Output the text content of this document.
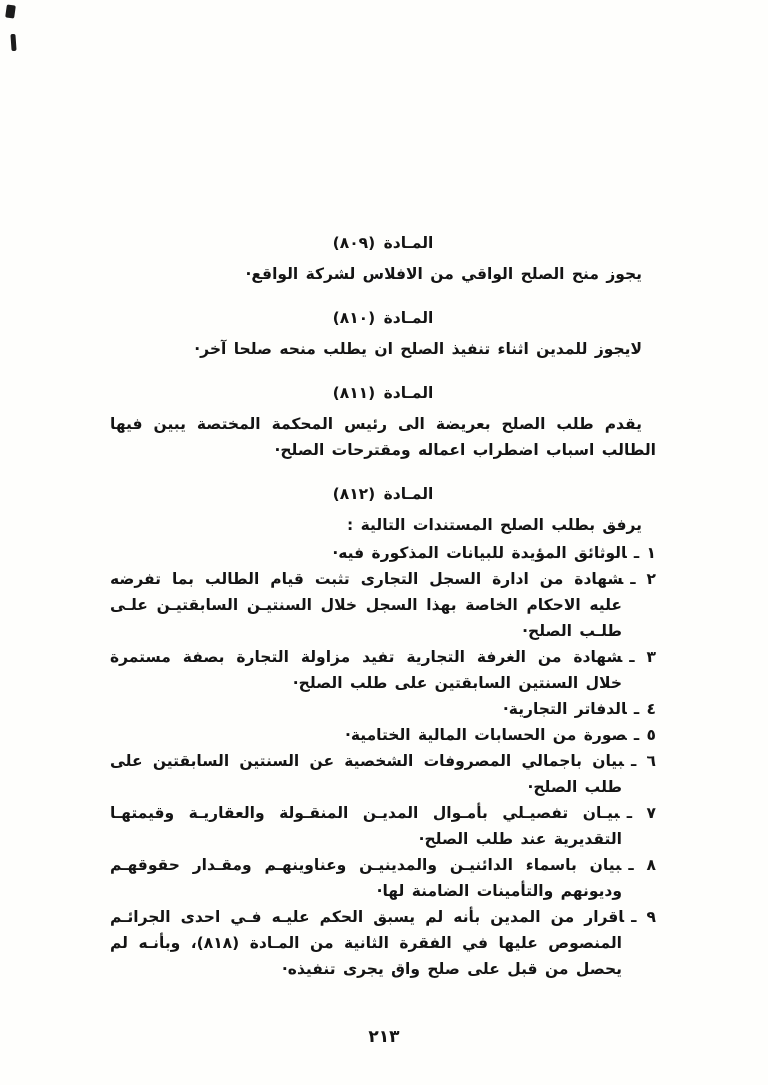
المـادة (٨٠٩)

يجوز منح الصلح الواقي من الافلاس لشركة الواقع·

المـادة (٨١٠)

لايجوز للمدين اثناء تنفيذ الصلح ان يطلب منحه صلحا آخر·

المـادة (٨١١)

يقدم طلب الصلح بعريضة الى رئيس المحكمة المختصة يبين فيها الطالب اسباب اضطراب اعماله ومقترحات الصلح·

المـادة (٨١٢)

يرفق بطلب الصلح المستندات التالية :

١ ـالوثائق المؤيدة للبيانات المذكورة فيه·
٢ ـشهادة من ادارة السجل التجارى تثبت قيام الطالب بما تفرضه عليه الاحكام الخاصة بهذا السجل خلال السنتيـن السابقتيـن علـى طلـب الصلح·
٣ ـشهادة من الغرفة التجارية تفيد مزاولة التجارة بصفة مستمرة خلال السنتين السابقتين على طلب الصلح·
٤ ـالدفاتر التجارية·
٥ ـصورة من الحسابات المالية الختامية·
٦ ـبيان باجمالي المصروفات الشخصية عن السنتين السابقتين على طلب الصلح·
٧ ـبيـان تفصيـلي بأمـوال المديـن المنقـولة والعقاريـة وقيمتهـا التقديرية عند طلب الصلح·
٨ ـبيان باسماء الدائنيـن والمدينيـن وعناوينهـم ومقـدار حقوقهـم وديونهم والتأمينات الضامنة لها·
٩ ـاقرار من المدين بأنه لم يسبق الحكم عليـه فـي احدى الجرائـم المنصوص عليها في الفقرة الثانية من المـادة (٨١٨)، وبأنـه لم يحصل من قبل على صلح واق يجرى تنفيذه·
٢١٣
